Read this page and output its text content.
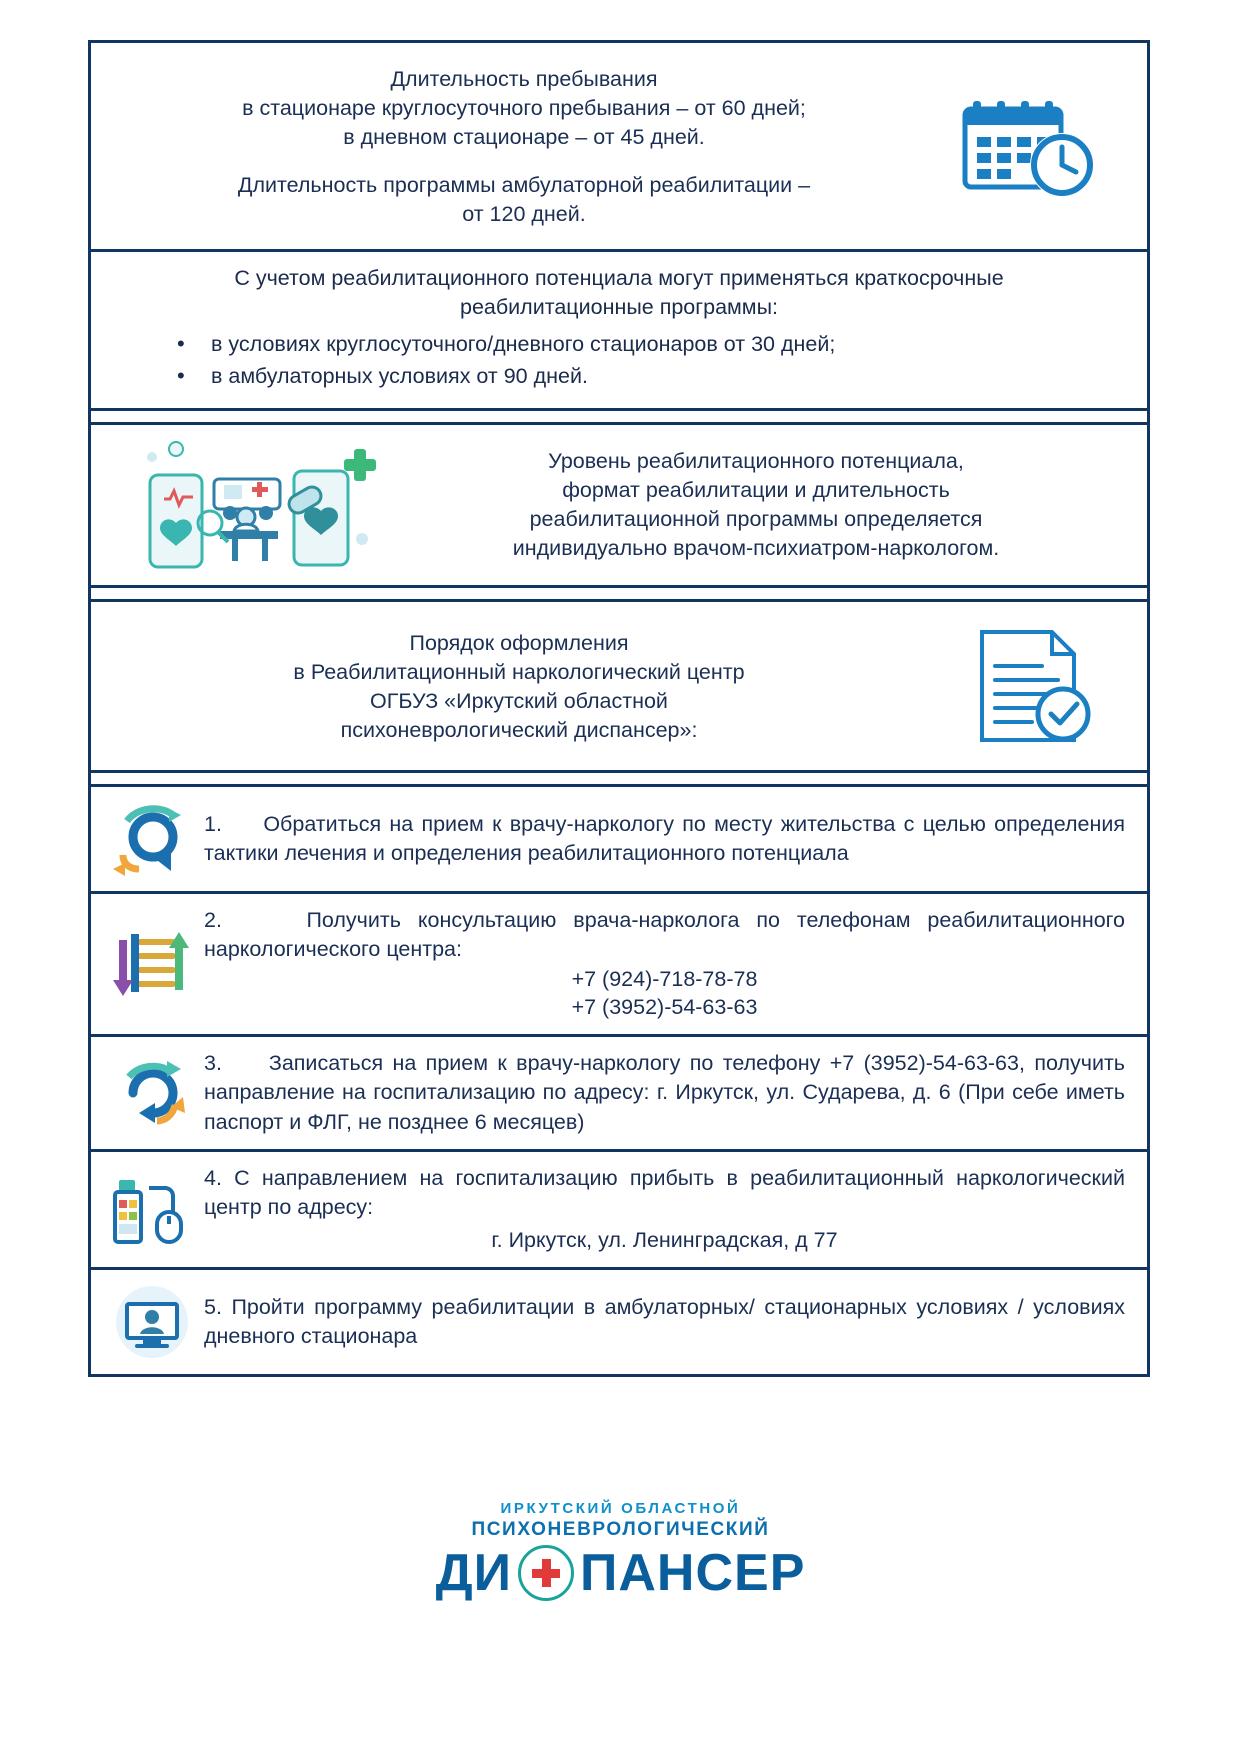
Длительность пребывания
в стационаре круглосуточного пребывания – от 60 дней;
в дневном стационаре – от 45 дней.
Длительность программы амбулаторной реабилитации –
от 120 дней.
С учетом реабилитационного потенциала могут применяться краткосрочные
реабилитационные программы:
• в условиях круглосуточного/дневного стационаров от 30 дней;
• в амбулаторных условиях от 90 дней.
Уровень реабилитационного потенциала,
формат реабилитации и длительность
реабилитационной программы определяется
индивидуально врачом-психиатром-наркологом.
Порядок оформления
в Реабилитационный наркологический центр
ОГБУЗ «Иркутский областной
психоневрологический диспансер»:
1. Обратиться на прием к врачу-наркологу по месту жительства с целью определения тактики лечения и определения реабилитационного потенциала
2.	Получить консультацию врача-нарколога по телефонам реабилитационного наркологического центра:
+7 (924)-718-78-78
+7 (3952)-54-63-63
3. Записаться на прием к врачу-наркологу по телефону +7 (3952)-54-63-63, получить направление на госпитализацию по адресу: г. Иркутск, ул. Сударева, д. 6 (При себе иметь паспорт и ФЛГ, не позднее 6 месяцев)
4. С направлением на госпитализацию прибыть в реабилитационный наркологический центр по адресу:
г. Иркутск, ул. Ленинградская, д 77
5. Пройти программу реабилитации в амбулаторных/ стационарных условиях / условиях дневного стационара
ИРКУТСКИЙ ОБЛАСТНОЙ
ПСИХОНЕВРОЛОГИЧЕСКИЙ
ДИ ПАНСЕР
